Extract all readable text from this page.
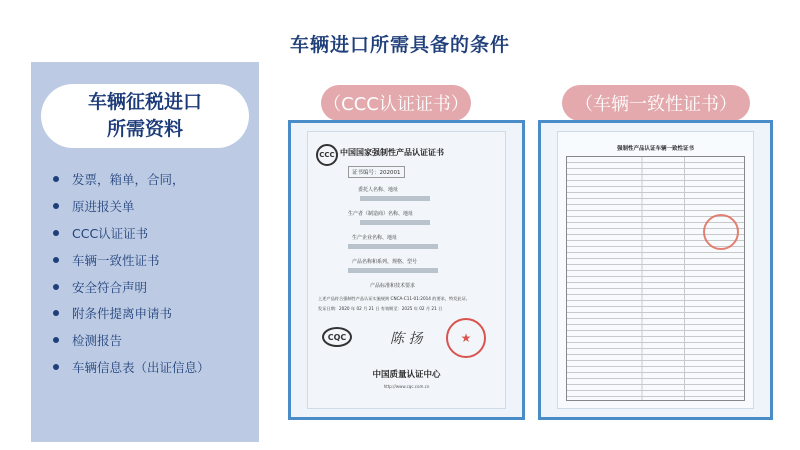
车辆进口所需具备的条件
车辆征税进口
所需资料
发票，箱单，合同，
原进报关单
CCC认证证书
车辆一致性证书
安全符合声明
附条件提离申请书
检测报告
车辆信息表（出证信息）
（CCC认证证书）	（车辆一致性证书）
CCC 中国国家强制性产品认证证书
证书编号：202001
委托人名称、地址
生产者（制造商）名称、地址
生产企业名称、地址
产品名称和系列、规格、型号
产品标准和技术要求
上述产品符合强制性产品认证实施规则 CNCA-C11-01:2014 的要求，特发此证。
发证日期：2020 年 02 月 21 日 有效期至：2025 年 02 月 21 日
CQC	陈 扬	★
中国质量认证中心
http://www.cqc.com.cn
强制性产品认证车辆一致性证书
